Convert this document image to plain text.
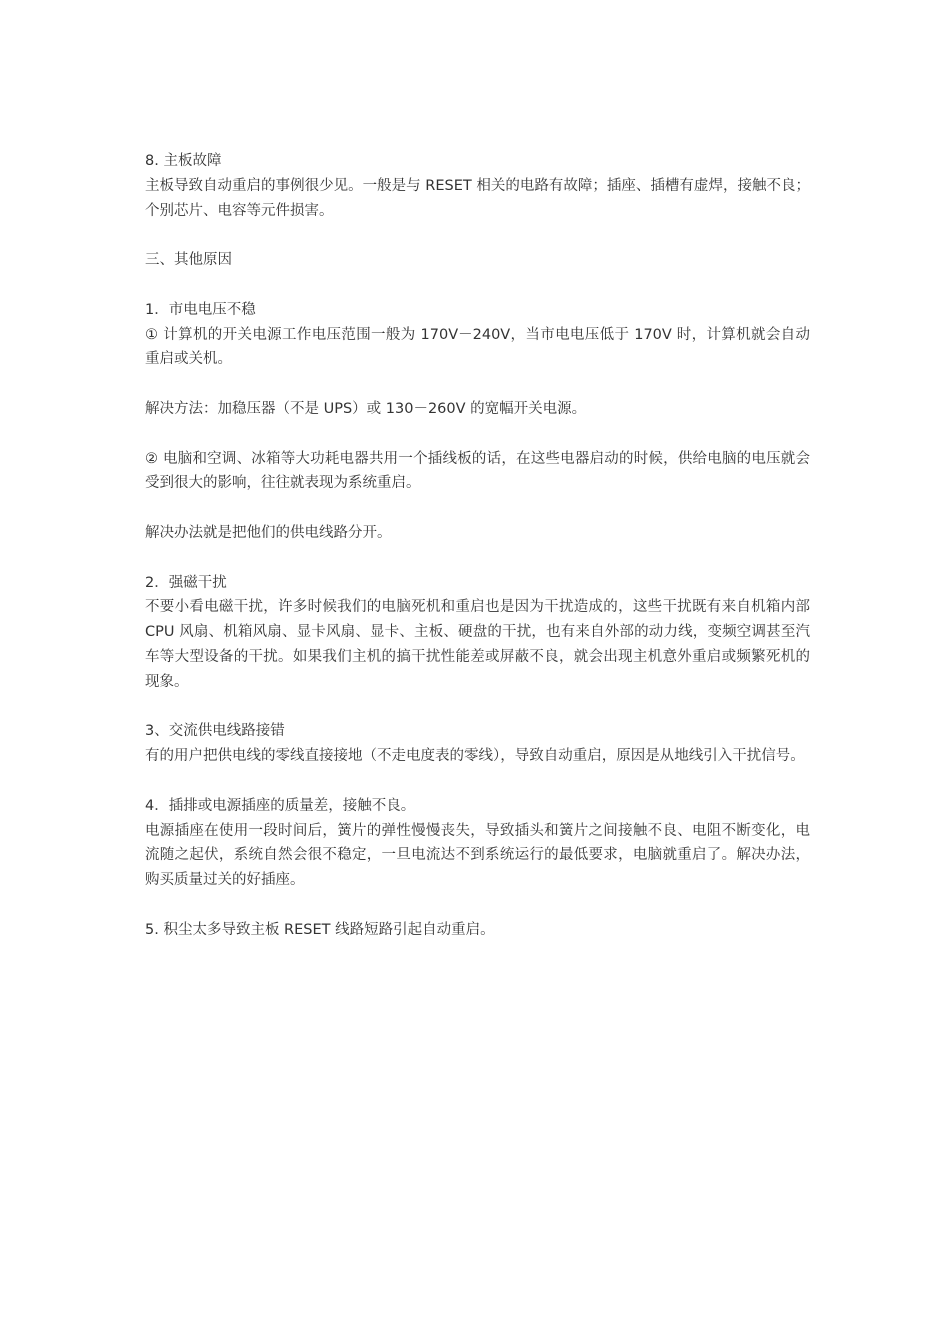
8. 主板故障

主板导致自动重启的事例很少见。一般是与 RESET 相关的电路有故障；插座、插槽有虚焊，接触不良；个别芯片、电容等元件损害。

三、其他原因

1．市电电压不稳

① 计算机的开关电源工作电压范围一般为 170V－240V，当市电电压低于 170V 时，计算机就会自动重启或关机。

解决方法：加稳压器（不是 UPS）或 130－260V 的宽幅开关电源。

② 电脑和空调、冰箱等大功耗电器共用一个插线板的话，在这些电器启动的时候，供给电脑的电压就会受到很大的影响，往往就表现为系统重启。

解决办法就是把他们的供电线路分开。

2．强磁干扰

不要小看电磁干扰，许多时候我们的电脑死机和重启也是因为干扰造成的，这些干扰既有来自机箱内部 CPU 风扇、机箱风扇、显卡风扇、显卡、主板、硬盘的干扰，也有来自外部的动力线，变频空调甚至汽车等大型设备的干扰。如果我们主机的搞干扰性能差或屏蔽不良，就会出现主机意外重启或频繁死机的现象。

3、交流供电线路接错

有的用户把供电线的零线直接接地（不走电度表的零线），导致自动重启，原因是从地线引入干扰信号。

4．插排或电源插座的质量差，接触不良。

电源插座在使用一段时间后，簧片的弹性慢慢丧失，导致插头和簧片之间接触不良、电阻不断变化，电流随之起伏，系统自然会很不稳定，一旦电流达不到系统运行的最低要求，电脑就重启了。解决办法，购买质量过关的好插座。

5. 积尘太多导致主板 RESET 线路短路引起自动重启。
